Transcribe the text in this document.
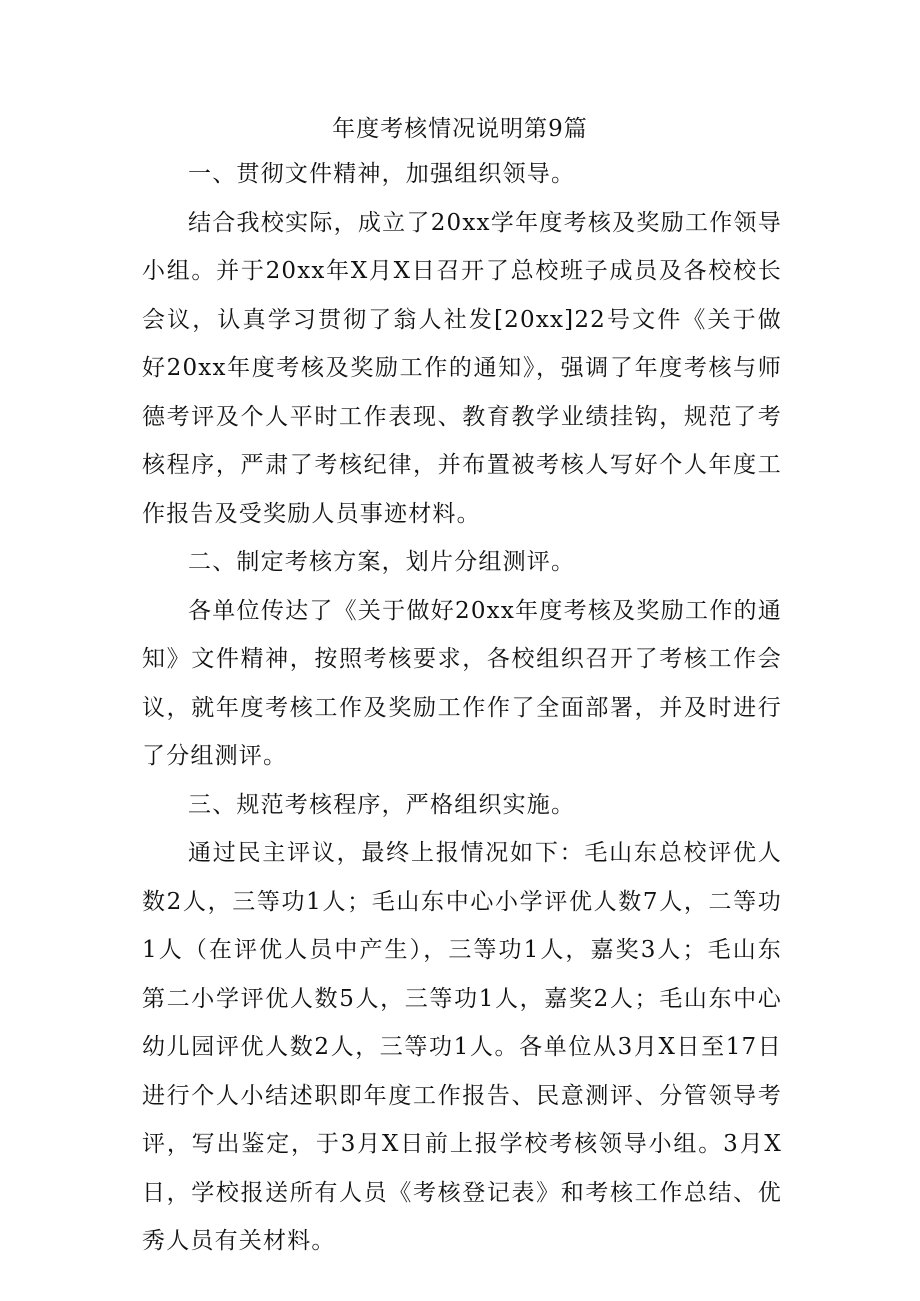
年度考核情况说明第9篇

一、贯彻文件精神，加强组织领导。

结合我校实际，成立了20xx学年度考核及奖励工作领导小组。并于20xx年X月X日召开了总校班子成员及各校校长会议，认真学习贯彻了翁人社发[20xx]22号文件《关于做好20xx年度考核及奖励工作的通知》，强调了年度考核与师德考评及个人平时工作表现、教育教学业绩挂钩，规范了考核程序，严肃了考核纪律，并布置被考核人写好个人年度工作报告及受奖励人员事迹材料。

二、制定考核方案，划片分组测评。

各单位传达了《关于做好20xx年度考核及奖励工作的通知》文件精神，按照考核要求，各校组织召开了考核工作会议，就年度考核工作及奖励工作作了全面部署，并及时进行了分组测评。

三、规范考核程序，严格组织实施。

通过民主评议，最终上报情况如下：毛山东总校评优人数2人，三等功1人；毛山东中心小学评优人数7人，二等功1人（在评优人员中产生），三等功1人，嘉奖3人；毛山东第二小学评优人数5人，三等功1人，嘉奖2人；毛山东中心幼儿园评优人数2人，三等功1人。各单位从3月X日至17日进行个人小结述职即年度工作报告、民意测评、分管领导考评，写出鉴定，于3月X日前上报学校考核领导小组。3月X日，学校报送所有人员《考核登记表》和考核工作总结、优秀人员有关材料。
